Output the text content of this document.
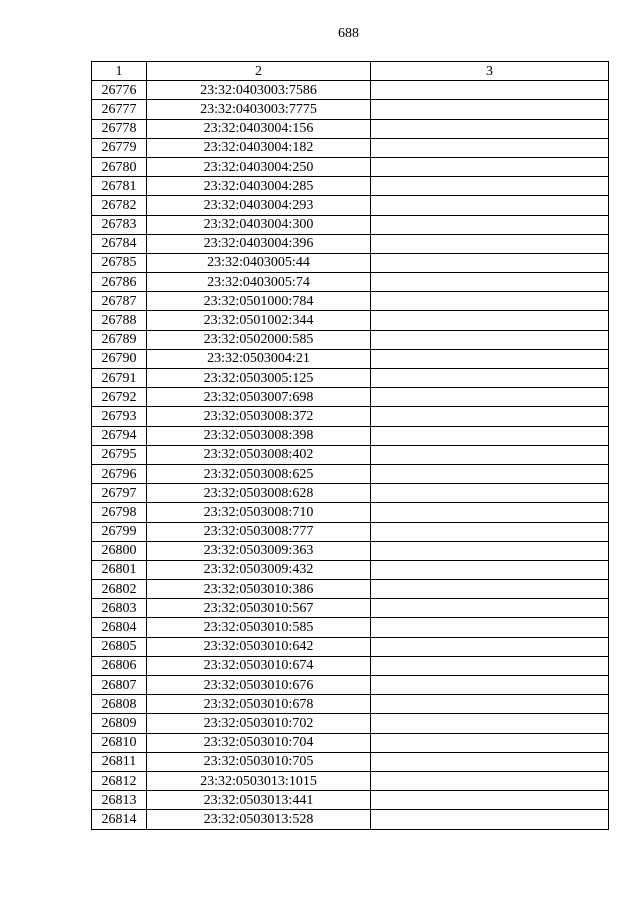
688
1	2	3
26776	23:32:0403003:7586	
26777	23:32:0403003:7775	
26778	23:32:0403004:156	
26779	23:32:0403004:182	
26780	23:32:0403004:250	
26781	23:32:0403004:285	
26782	23:32:0403004:293	
26783	23:32:0403004:300	
26784	23:32:0403004:396	
26785	23:32:0403005:44	
26786	23:32:0403005:74	
26787	23:32:0501000:784	
26788	23:32:0501002:344	
26789	23:32:0502000:585	
26790	23:32:0503004:21	
26791	23:32:0503005:125	
26792	23:32:0503007:698	
26793	23:32:0503008:372	
26794	23:32:0503008:398	
26795	23:32:0503008:402	
26796	23:32:0503008:625	
26797	23:32:0503008:628	
26798	23:32:0503008:710	
26799	23:32:0503008:777	
26800	23:32:0503009:363	
26801	23:32:0503009:432	
26802	23:32:0503010:386	
26803	23:32:0503010:567	
26804	23:32:0503010:585	
26805	23:32:0503010:642	
26806	23:32:0503010:674	
26807	23:32:0503010:676	
26808	23:32:0503010:678	
26809	23:32:0503010:702	
26810	23:32:0503010:704	
26811	23:32:0503010:705	
26812	23:32:0503013:1015	
26813	23:32:0503013:441	
26814	23:32:0503013:528	
